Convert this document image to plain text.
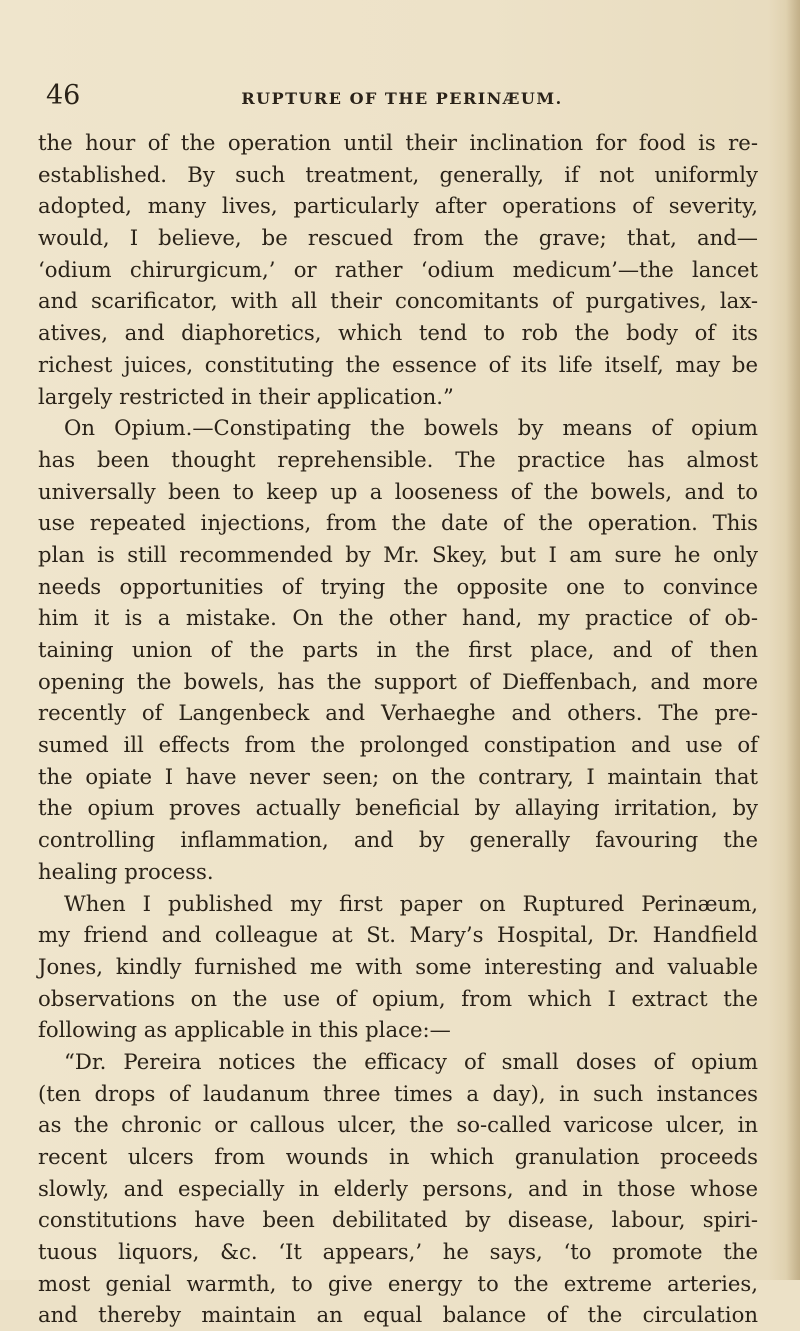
46	RUPTURE OF THE PERINÆUM.
the hour of the operation until their inclination for food is re-
established. By such treatment, generally, if not uniformly
adopted, many lives, particularly after operations of severity,
would, I believe, be rescued from the grave; that, and—
‘odium chirurgicum,’ or rather ‘odium medicum’—the lancet
and scarificator, with all their concomitants of purgatives, lax-
atives, and diaphoretics, which tend to rob the body of its
richest juices, constituting the essence of its life itself, may be
largely restricted in their application.”
On Opium.—Constipating the bowels by means of opium
has been thought reprehensible. The practice has almost
universally been to keep up a looseness of the bowels, and to
use repeated injections, from the date of the operation. This
plan is still recommended by Mr. Skey, but I am sure he only
needs opportunities of trying the opposite one to convince
him it is a mistake. On the other hand, my practice of ob-
taining union of the parts in the first place, and of then
opening the bowels, has the support of Dieffenbach, and more
recently of Langenbeck and Verhaeghe and others. The pre-
sumed ill effects from the prolonged constipation and use of
the opiate I have never seen; on the contrary, I maintain that
the opium proves actually beneficial by allaying irritation, by
controlling inflammation, and by generally favouring the
healing process.
When I published my first paper on Ruptured Perinæum,
my friend and colleague at St. Mary’s Hospital, Dr. Handfield
Jones, kindly furnished me with some interesting and valuable
observations on the use of opium, from which I extract the
following as applicable in this place:—
“Dr. Pereira notices the efficacy of small doses of opium
(ten drops of laudanum three times a day), in such instances
as the chronic or callous ulcer, the so-called varicose ulcer, in
recent ulcers from wounds in which granulation proceeds
slowly, and especially in elderly persons, and in those whose
constitutions have been debilitated by disease, labour, spiri-
tuous liquors, &c. ‘It appears,’ he says, ‘to promote the
most genial warmth, to give energy to the extreme arteries,
and thereby maintain an equal balance of the circulation
